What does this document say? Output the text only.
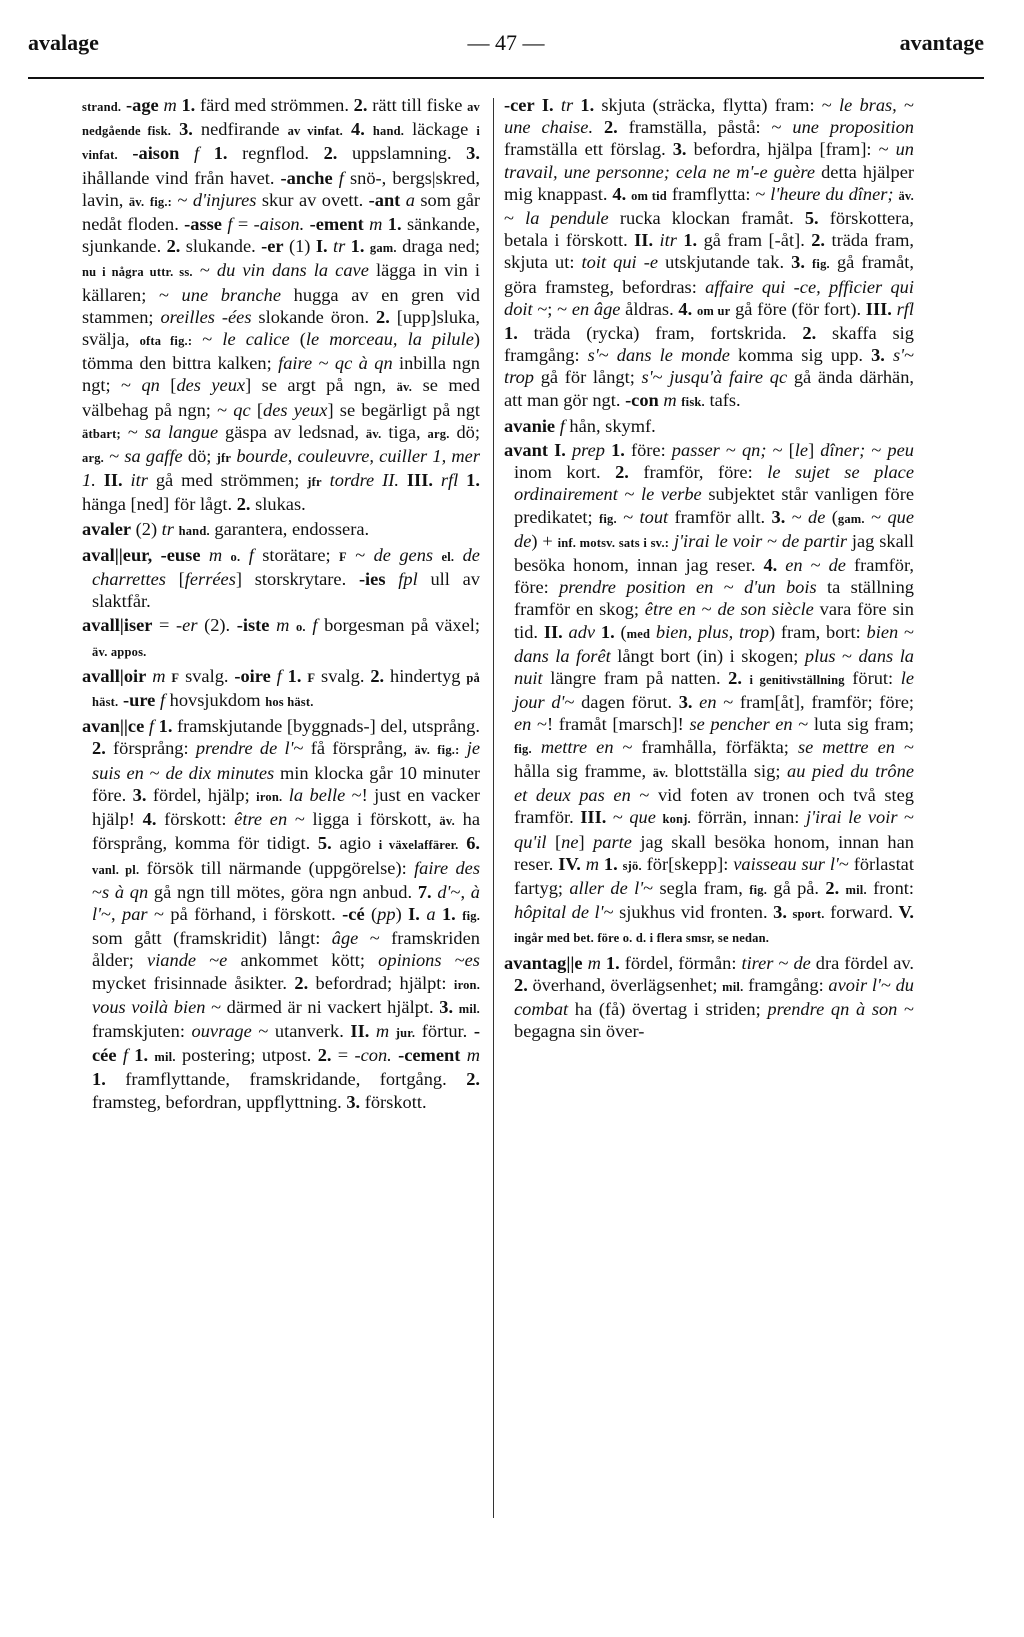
avalage	— 47 —	avantage

strand. -age m 1. färd med strömmen. 2. rätt till fiske av nedgående fisk. 3. nedfirande av vinfat. 4. hand. läckage i vinfat. -aison f 1. regnflod. 2. uppslamning. 3. ihållande vind från havet. -anche f snö-, bergs|skred, lavin, äv. fig.: ~ d'injures skur av ovett. -ant a som går nedåt floden. -asse f = -aison. -ement m 1. sänkande, sjunkande. 2. slukande. -er (1) I. tr 1. gam. draga ned; nu i några uttr. ss. ~ du vin dans la cave lägga in vin i källaren; ~ une branche hugga av en gren vid stammen; oreilles -ées slokande öron. 2. [upp]sluka, svälja, ofta fig.: ~ le calice (le morceau, la pilule) tömma den bittra kalken; faire ~ qc à qn inbilla ngn ngt; ~ qn [des yeux] se argt på ngn, äv. se med välbehag på ngn; ~ qc [des yeux] se begärligt på ngt ätbart; ~ sa langue gäspa av ledsnad, äv. tiga, arg. dö; arg. ~ sa gaffe dö; jfr bourde, couleuvre, cuiller 1, mer 1. II. itr gå med strömmen; jfr tordre II. III. rfl 1. hänga [ned] för lågt. 2. slukas.

avaler (2) tr hand. garantera, endossera.

aval||eur, -euse m o. f storätare; F ~ de gens el. de charrettes [ferrées] storskrytare. -ies fpl ull av slaktfår.

avall|iser = -er (2). -iste m o. f borgesman på växel; äv. appos.

avall|oir m F svalg. -oire f 1. F svalg. 2. hindertyg på häst. -ure f hovsjukdom hos häst.

avan||ce f 1. framskjutande [byggnads-] del, utsprång. 2. försprång: prendre de l'~ få försprång, äv. fig.: je suis en ~ de dix minutes min klocka går 10 minuter före. 3. fördel, hjälp; iron. la belle ~! just en vacker hjälp! 4. förskott: être en ~ ligga i förskott, äv. ha försprång, komma för tidigt. 5. agio i växelaffärer. 6. vanl. pl. försök till närmande (uppgörelse): faire des ~s à qn gå ngn till mötes, göra ngn anbud. 7. d'~, à l'~, par ~ på förhand, i förskott. -cé (pp) I. a 1. fig. som gått (framskridit) långt: âge ~ framskriden ålder; viande ~e ankommet kött; opinions ~es mycket frisinnade åsikter. 2. befordrad; hjälpt: iron. vous voilà bien ~ därmed är ni vackert hjälpt. 3. mil. framskjuten: ouvrage ~ utanverk. II. m jur. förtur. -cée f 1. mil. postering; utpost. 2. = -con. -cement m 1. framflyttande, framskridande, fortgång. 2. framsteg, befordran, uppflyttning. 3. förskott.

-cer I. tr 1. skjuta (sträcka, flytta) fram: ~ le bras, ~ une chaise. 2. framställa, påstå: ~ une proposition framställa ett förslag. 3. befordra, hjälpa [fram]: ~ un travail, une personne; cela ne m'-e guère detta hjälper mig knappast. 4. om tid framflytta: ~ l'heure du dîner; äv. ~ la pendule rucka klockan framåt. 5. förskottera, betala i förskott. II. itr 1. gå fram [-åt]. 2. träda fram, skjuta ut: toit qui -e utskjutande tak. 3. fig. gå framåt, göra framsteg, befordras: affaire qui -ce, pfficier qui doit ~; ~ en âge åldras. 4. om ur gå före (för fort). III. rfl 1. träda (rycka) fram, fortskrida. 2. skaffa sig framgång: s'~ dans le monde komma sig upp. 3. s'~ trop gå för långt; s'~ jusqu'à faire qc gå ända därhän, att man gör ngt. -con m fisk. tafs.

avanie f hån, skymf.

avant I. prep 1. före: passer ~ qn; ~ [le] dîner; ~ peu inom kort. 2. framför, före: le sujet se place ordinairement ~ le verbe subjektet står vanligen före predikatet; fig. ~ tout framför allt. 3. ~ de (gam. ~ que de) + inf. motsv. sats i sv.: j'irai le voir ~ de partir jag skall besöka honom, innan jag reser. 4. en ~ de framför, före: prendre position en ~ d'un bois ta ställning framför en skog; être en ~ de son siècle vara före sin tid. II. adv 1. (med bien, plus, trop) fram, bort: bien ~ dans la forêt långt bort (in) i skogen; plus ~ dans la nuit längre fram på natten. 2. i genitivställning förut: le jour d'~ dagen förut. 3. en ~ fram[åt], framför; före; en ~! framåt [marsch]! se pencher en ~ luta sig fram; fig. mettre en ~ framhålla, förfäkta; se mettre en ~ hålla sig framme, äv. blottställa sig; au pied du trône et deux pas en ~ vid foten av tronen och två steg framför. III. ~ que konj. förrän, innan: j'irai le voir ~ qu'il [ne] parte jag skall besöka honom, innan han reser. IV. m 1. sjö. för[skepp]: vaisseau sur l'~ förlastat fartyg; aller de l'~ segla fram, fig. gå på. 2. mil. front: hôpital de l'~ sjukhus vid fronten. 3. sport. forward. V. ingår med bet. före o. d. i flera smsr, se nedan.

avantag||e m 1. fördel, förmån: tirer ~ de dra fördel av. 2. överhand, överlägsenhet; mil. framgång: avoir l'~ du combat ha (få) övertag i striden; prendre qn à son ~ begagna sin över-
